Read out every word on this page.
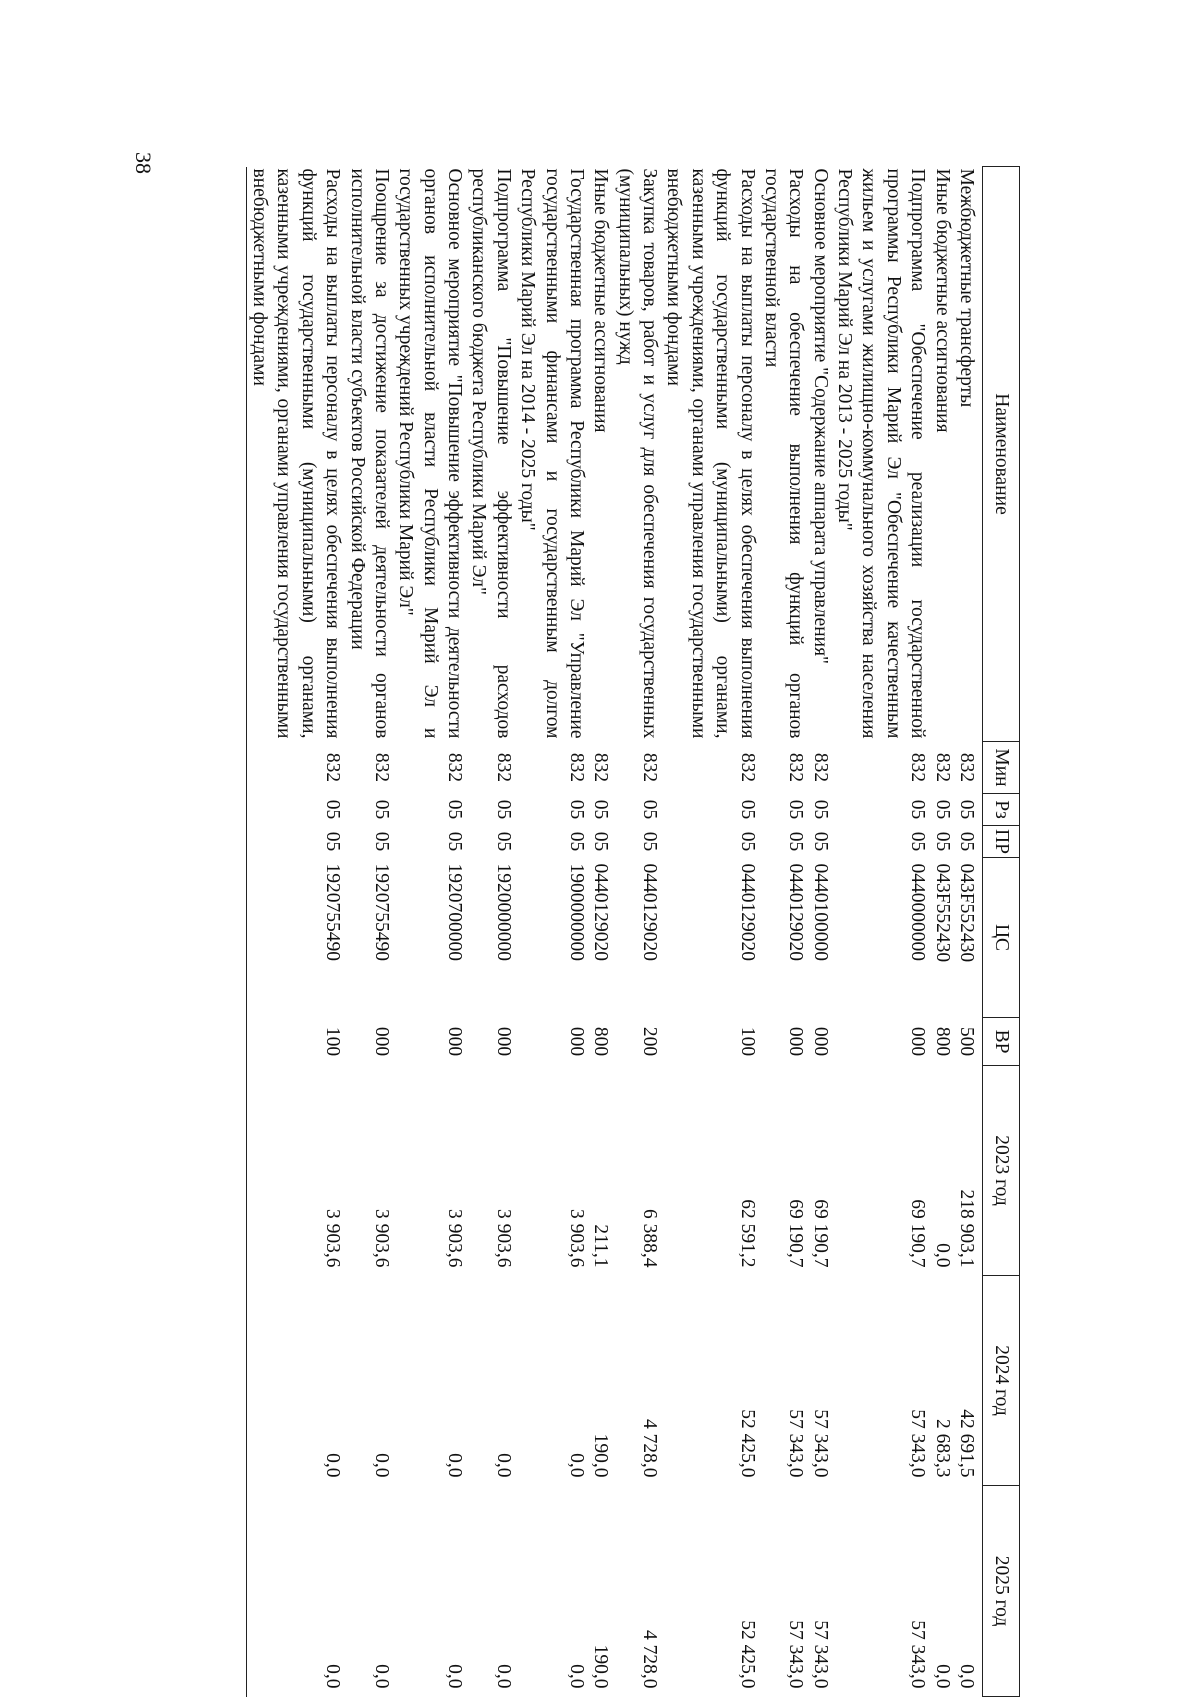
38
Наименование	Мин	Рз	ПР	ЦС	ВР	2023 год	2024 год	2025 год
Межбюджетные трансферты	832	05	05	043F552430	500	218 903,1	42 691,5	0,0
Иные бюджетные ассигнования	832	05	05	043F552430	800	0,0	2 683,3	0,0
Подпрограмма "Обеспечение реализации государственной программы Республики Марий Эл "Обеспечение качественным жильем и услугами жилищно-коммунального хозяйства населения Республики Марий Эл на 2013 - 2025 годы"	832	05	05	0440000000	000	69 190,7	57 343,0	57 343,0
Основное мероприятие "Содержание аппарата управления"	832	05	05	0440100000	000	69 190,7	57 343,0	57 343,0
Расходы на обеспечение выполнения функций органов государственной власти	832	05	05	0440129020	000	69 190,7	57 343,0	57 343,0
Расходы на выплаты персоналу в целях обеспечения выполнения функций государственными (муниципальными) органами, казенными учреждениями, органами управления государственными внебюджетными фондами	832	05	05	0440129020	100	62 591,2	52 425,0	52 425,0
Закупка товаров, работ и услуг для обеспечения государственных (муниципальных) нужд	832	05	05	0440129020	200	6 388,4	4 728,0	4 728,0
Иные бюджетные ассигнования	832	05	05	0440129020	800	211,1	190,0	190,0
Государственная программа Республики Марий Эл "Управление государственными финансами и государственным долгом Республики Марий Эл на 2014 - 2025 годы"	832	05	05	1900000000	000	3 903,6	0,0	0,0
Подпрограмма "Повышение эффективности расходов республиканского бюджета Республики Марий Эл"	832	05	05	1920000000	000	3 903,6	0,0	0,0
Основное мероприятие "Повышение эффективности деятельности органов исполнительной власти Республики Марий Эл и государственных учреждений Республики Марий Эл"	832	05	05	1920700000	000	3 903,6	0,0	0,0
Поощрение за достижение показателей деятельности органов исполнительной власти субъектов Российской Федерации	832	05	05	1920755490	000	3 903,6	0,0	0,0
Расходы на выплаты персоналу в целях обеспечения выполнения функций государственными (муниципальными) органами, казенными учреждениями, органами управления государственными внебюджетными фондами	832	05	05	1920755490	100	3 903,6	0,0	0,0
